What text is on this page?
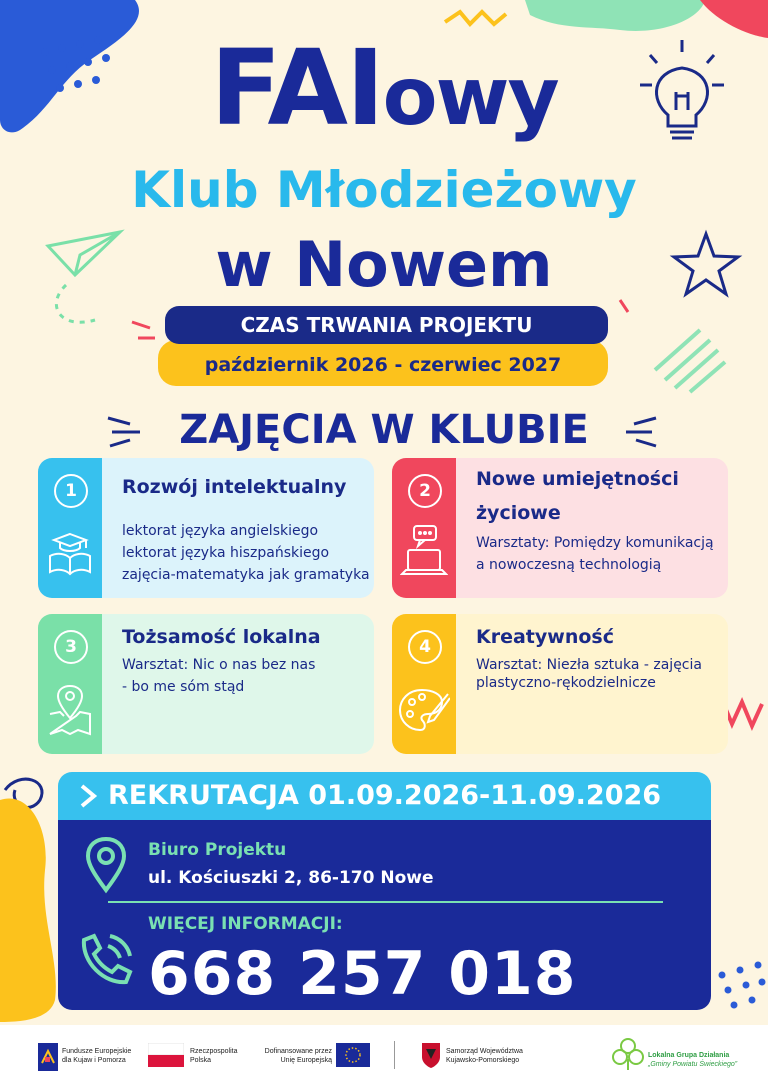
FAIowy
Klub Młodzieżowy
w Nowem
październik 2026 - czerwiec 2027
CZAS TRWANIA PROJEKTU
ZAJĘCIA W KLUBIE
1	Rozwój intelektualny
lektorat języka angielskiego
lektorat języka hiszpańskiego
zajęcia-matematyka jak gramatyka
2
Nowe umiejętności
życiowe
Warsztaty: Pomiędzy komunikacją
a nowoczesną technologią
3	Tożsamość lokalna
Warsztat: Nic o nas bez nas
- bo me sóm stąd
4	Kreatywność
Warsztat: Niezła sztuka - zajęcia
plastyczno-rękodzielnicze
REKRUTACJA 01.09.2026-11.09.2026
Biuro Projektu
ul. Kościuszki 2, 86-170 Nowe
WIĘCEJ INFORMACJI:
668 257 018
Fundusze Europejskie
dla Kujaw i Pomorza
Rzeczpospolita
Polska
Dofinansowane przez
Unię Europejską
Samorząd Województwa
Kujawsko-Pomorskiego
Lokalna Grupa Działania
„Gminy Powiatu Świeckiego”
